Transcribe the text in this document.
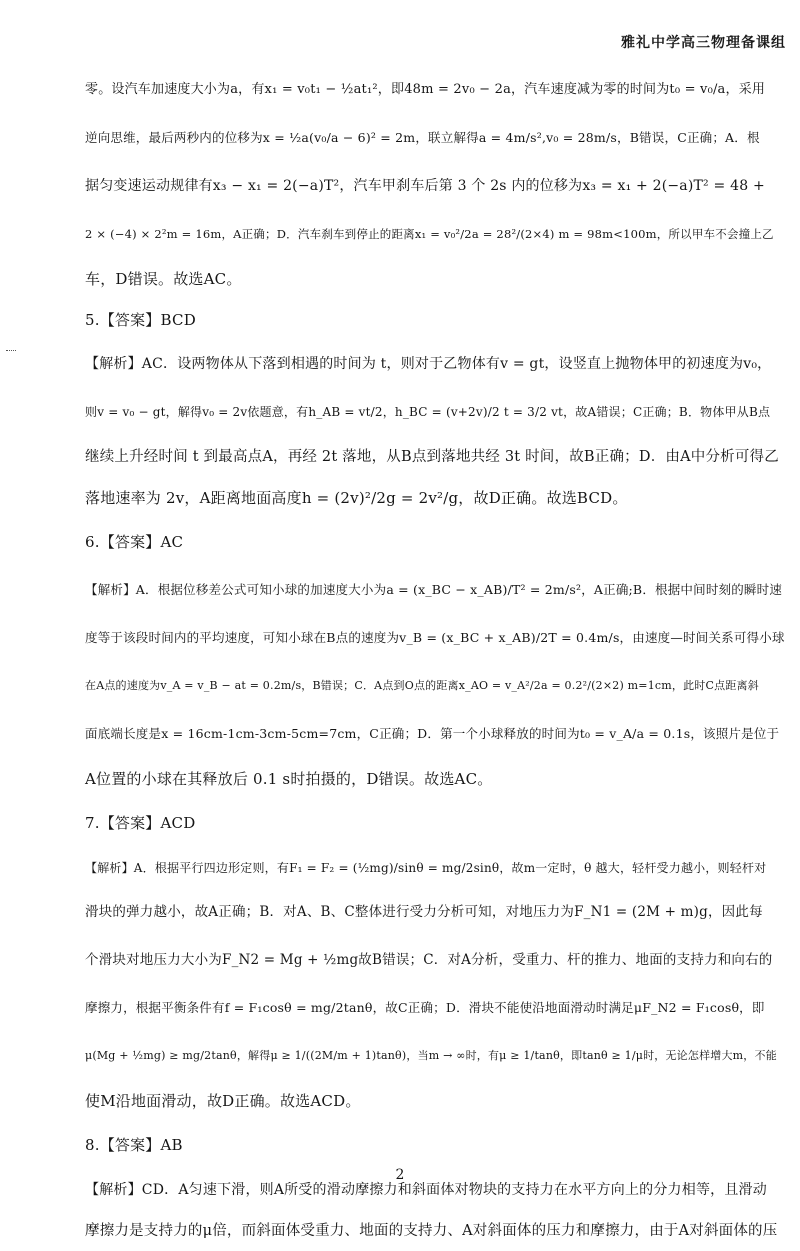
雅礼中学高三物理备课组

零。设汽车加速度大小为a，有x₁ = v₀t₁ − ½at₁²，即48m = 2v₀ − 2a，汽车速度减为零的时间为t₀ = v₀/a，采用

逆向思维，最后两秒内的位移为x = ½a(v₀/a − 6)² = 2m，联立解得a = 4m/s²,v₀ = 28m/s，B错误，C正确；A．根

据匀变速运动规律有x₃ − x₁ = 2(−a)T²，汽车甲刹车后第 3 个 2s 内的位移为x₃ = x₁ + 2(−a)T² = 48 +

2 × (−4) × 2²m = 16m，A正确；D．汽车刹车到停止的距离x₁ = v₀²/2a = 28²/(2×4) m = 98m<100m，所以甲车不会撞上乙

车，D错误。故选AC。

5.【答案】BCD

【解析】AC．设两物体从下落到相遇的时间为 t，则对于乙物体有v = gt，设竖直上抛物体甲的初速度为v₀，

则v = v₀ − gt，解得v₀ = 2v依题意，有h_AB = vt/2，h_BC = (v+2v)/2 t = 3/2 vt，故A错误；C正确；B．物体甲从B点

继续上升经时间 t 到最高点A，再经 2t 落地，从B点到落地共经 3t 时间，故B正确；D．由A中分析可得乙

落地速率为 2v，A距离地面高度h = (2v)²/2g = 2v²/g，故D正确。故选BCD。

6.【答案】AC

【解析】A．根据位移差公式可知小球的加速度大小为a = (x_BC − x_AB)/T² = 2m/s²，A正确;B．根据中间时刻的瞬时速

度等于该段时间内的平均速度，可知小球在B点的速度为v_B = (x_BC + x_AB)/2T = 0.4m/s，由速度—时间关系可得小球

在A点的速度为v_A = v_B − at = 0.2m/s，B错误；C．A点到O点的距离x_AO = v_A²/2a = 0.2²/(2×2) m=1cm，此时C点距离斜

面底端长度是x = 16cm-1cm-3cm-5cm=7cm，C正确；D．第一个小球释放的时间为t₀ = v_A/a = 0.1s，该照片是位于

A位置的小球在其释放后 0.1 s时拍摄的，D错误。故选AC。

7.【答案】ACD

【解析】A．根据平行四边形定则，有F₁ = F₂ = (½mg)/sinθ = mg/2sinθ，故m一定时，θ 越大，轻杆受力越小，则轻杆对

滑块的弹力越小，故A正确；B．对A、B、C整体进行受力分析可知，对地压力为F_N1 = (2M + m)g，因此每

个滑块对地压力大小为F_N2 = Mg + ½mg故B错误；C．对A分析，受重力、杆的推力、地面的支持力和向右的

摩擦力，根据平衡条件有f = F₁cosθ = mg/2tanθ，故C正确；D．滑块不能使沿地面滑动时满足μF_N2 = F₁cosθ，即

μ(Mg + ½mg) ≥ mg/2tanθ，解得μ ≥ 1/((2M/m + 1)tanθ)，当m → ∞时，有μ ≥ 1/tanθ，即tanθ ≥ 1/μ时，无论怎样增大m，不能

使M沿地面滑动，故D正确。故选ACD。

8.【答案】AB

【解析】CD．A匀速下滑，则A所受的滑动摩擦力和斜面体对物块的支持力在水平方向上的分力相等，且滑动

摩擦力是支持力的μ倍，而斜面体受重力、地面的支持力、A对斜面体的压力和摩擦力，由于A对斜面体的压

2
